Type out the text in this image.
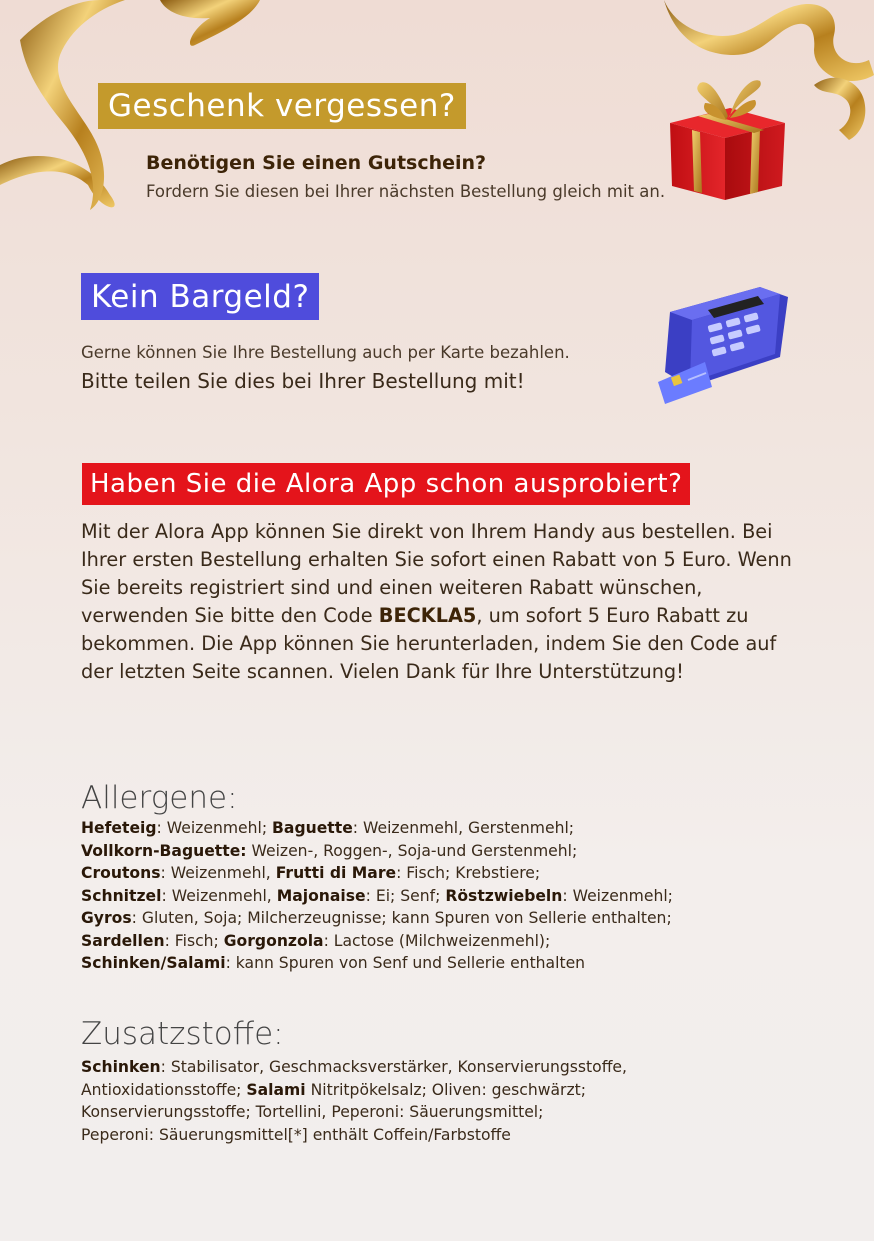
Geschenk vergessen?
Benötigen Sie einen Gutschein?
Fordern Sie diesen bei Ihrer nächsten Bestellung gleich mit an.
Kein Bargeld?
Gerne können Sie Ihre Bestellung auch per Karte bezahlen.
Bitte teilen Sie dies bei Ihrer Bestellung mit!
Haben Sie die Alora App schon ausprobiert?
Mit der Alora App können Sie direkt von Ihrem Handy aus bestellen. Bei Ihrer ersten Bestellung erhalten Sie sofort einen Rabatt von 5 Euro. Wenn Sie bereits registriert sind und einen weiteren Rabatt wünschen, verwenden Sie bitte den Code BECKLA5, um sofort 5 Euro Rabatt zu bekommen. Die App können Sie herunterladen, indem Sie den Code auf der letzten Seite scannen. Vielen Dank für Ihre Unterstützung!
Allergene:
Hefeteig: Weizenmehl; Baguette: Weizenmehl, Gerstenmehl;
Vollkorn-Baguette: Weizen-, Roggen-, Soja-und Gerstenmehl;
Croutons: Weizenmehl, Frutti di Mare: Fisch; Krebstiere;
Schnitzel: Weizenmehl, Majonaise: Ei; Senf; Röstzwiebeln: Weizenmehl;
Gyros: Gluten, Soja; Milcherzeugnisse; kann Spuren von Sellerie enthalten;
Sardellen: Fisch; Gorgonzola: Lactose (Milchweizenmehl);
Schinken/Salami: kann Spuren von Senf und Sellerie enthalten
Zusatzstoffe:
Schinken: Stabilisator, Geschmacksverstärker, Konservierungsstoffe,
Antioxidationsstoffe; Salami Nitritpökelsalz; Oliven: geschwärzt;
Konservierungsstoffe; Tortellini, Peperoni: Säuerungsmittel;
Peperoni: Säuerungsmittel[*] enthält Coffein/Farbstoffe
